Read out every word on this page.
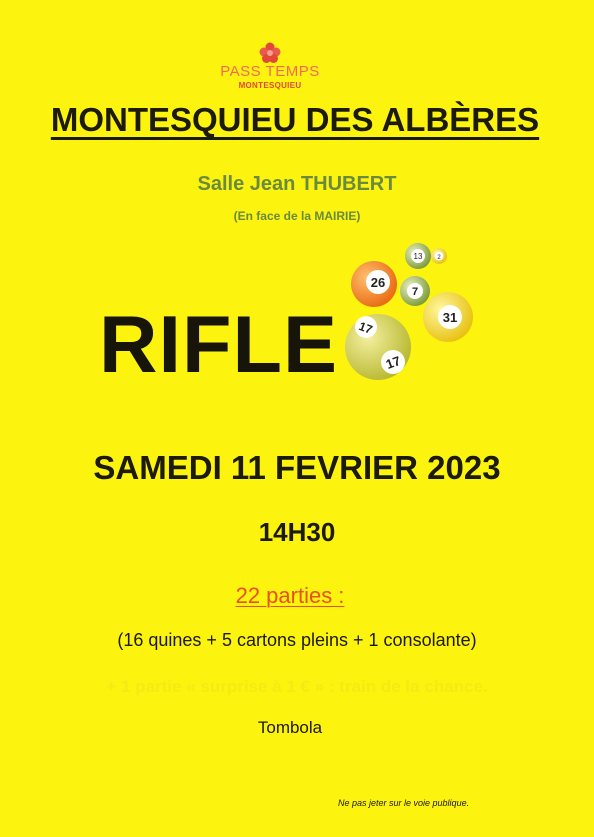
PASS TEMPS
MONTESQUIEU
MONTESQUIEU DES ALBÈRES
Salle Jean THUBERT
(En face de la MAIRIE)
RIFLE
13 2
26
7
31
17
17
SAMEDI 11 FEVRIER 2023
14H30
22 parties :
(16 quines + 5 cartons pleins + 1 consolante)
+ 1 partie « surprise à 1 € » : train de la chance.
Tombola
Ne pas jeter sur le voie publique.
